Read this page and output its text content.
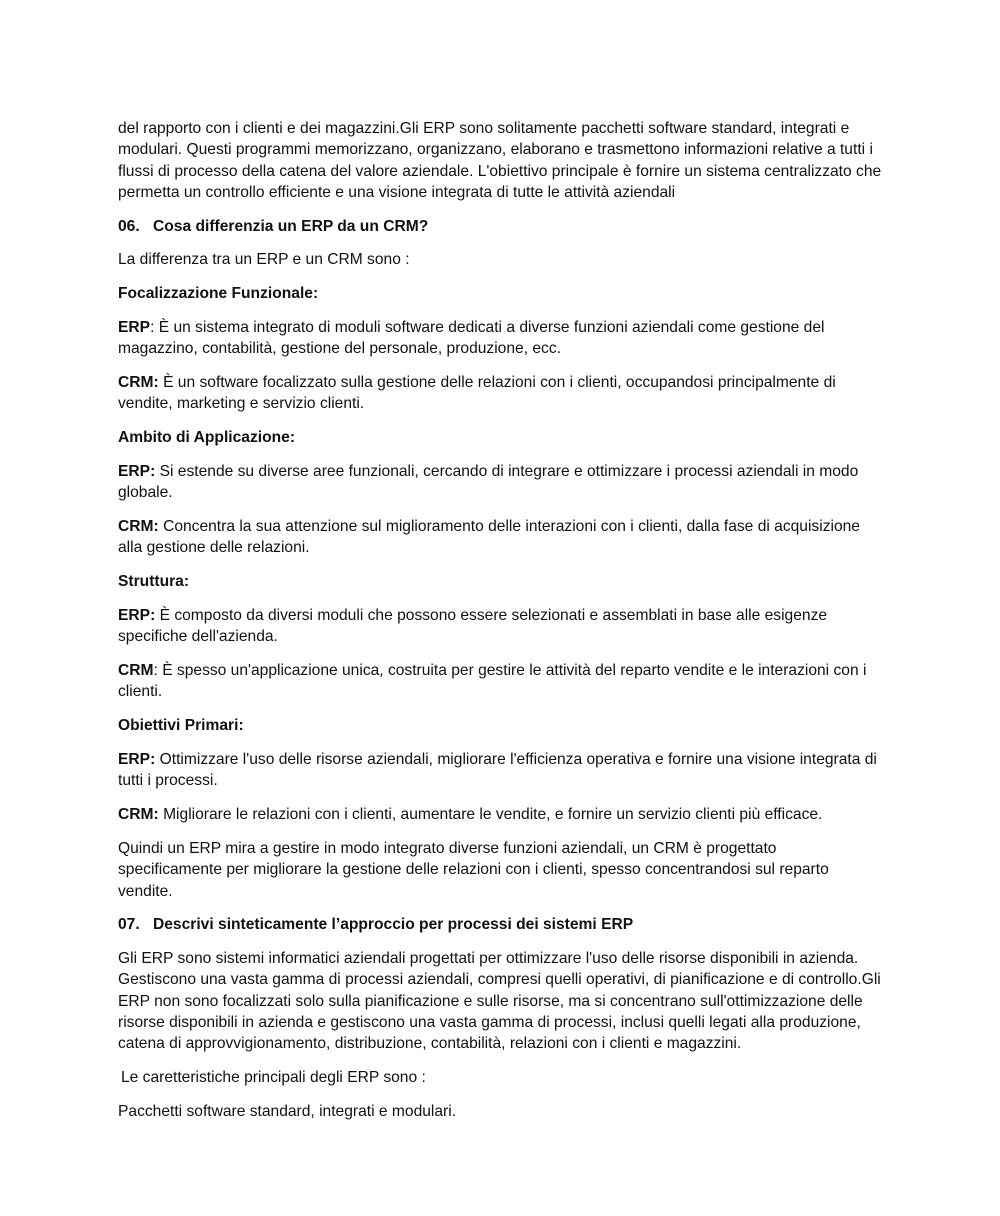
del rapporto con i clienti e dei magazzini.Gli ERP sono solitamente pacchetti software standard, integrati e modulari. Questi programmi memorizzano, organizzano, elaborano e trasmettono informazioni relative a tutti i flussi di processo della catena del valore aziendale. L'obiettivo principale è fornire un sistema centralizzato che permetta un controllo efficiente e una visione integrata di tutte le attività aziendali

06. Cosa differenzia un ERP da un CRM?

La differenza tra un ERP e un CRM sono :

Focalizzazione Funzionale:

ERP: È un sistema integrato di moduli software dedicati a diverse funzioni aziendali come gestione del magazzino, contabilità, gestione del personale, produzione, ecc.

CRM: È un software focalizzato sulla gestione delle relazioni con i clienti, occupandosi principalmente di vendite, marketing e servizio clienti.

Ambito di Applicazione:

ERP: Si estende su diverse aree funzionali, cercando di integrare e ottimizzare i processi aziendali in modo globale.

CRM: Concentra la sua attenzione sul miglioramento delle interazioni con i clienti, dalla fase di acquisizione alla gestione delle relazioni.

Struttura:

ERP: È composto da diversi moduli che possono essere selezionati e assemblati in base alle esigenze specifiche dell'azienda.

CRM: È spesso un'applicazione unica, costruita per gestire le attività del reparto vendite e le interazioni con i clienti.

Obiettivi Primari:

ERP: Ottimizzare l'uso delle risorse aziendali, migliorare l'efficienza operativa e fornire una visione integrata di tutti i processi.

CRM: Migliorare le relazioni con i clienti, aumentare le vendite, e fornire un servizio clienti più efficace.

Quindi un ERP mira a gestire in modo integrato diverse funzioni aziendali, un CRM è progettato specificamente per migliorare la gestione delle relazioni con i clienti, spesso concentrandosi sul reparto vendite.

07. Descrivi sinteticamente l’approccio per processi dei sistemi ERP

Gli ERP sono sistemi informatici aziendali progettati per ottimizzare l'uso delle risorse disponibili in azienda. Gestiscono una vasta gamma di processi aziendali, compresi quelli operativi, di pianificazione e di controllo.Gli ERP non sono focalizzati solo sulla pianificazione e sulle risorse, ma si concentrano sull'ottimizzazione delle risorse disponibili in azienda e gestiscono una vasta gamma di processi, inclusi quelli legati alla produzione, catena di approvvigionamento, distribuzione, contabilità, relazioni con i clienti e magazzini.

Le caretteristiche principali degli ERP sono :

Pacchetti software standard, integrati e modulari.
